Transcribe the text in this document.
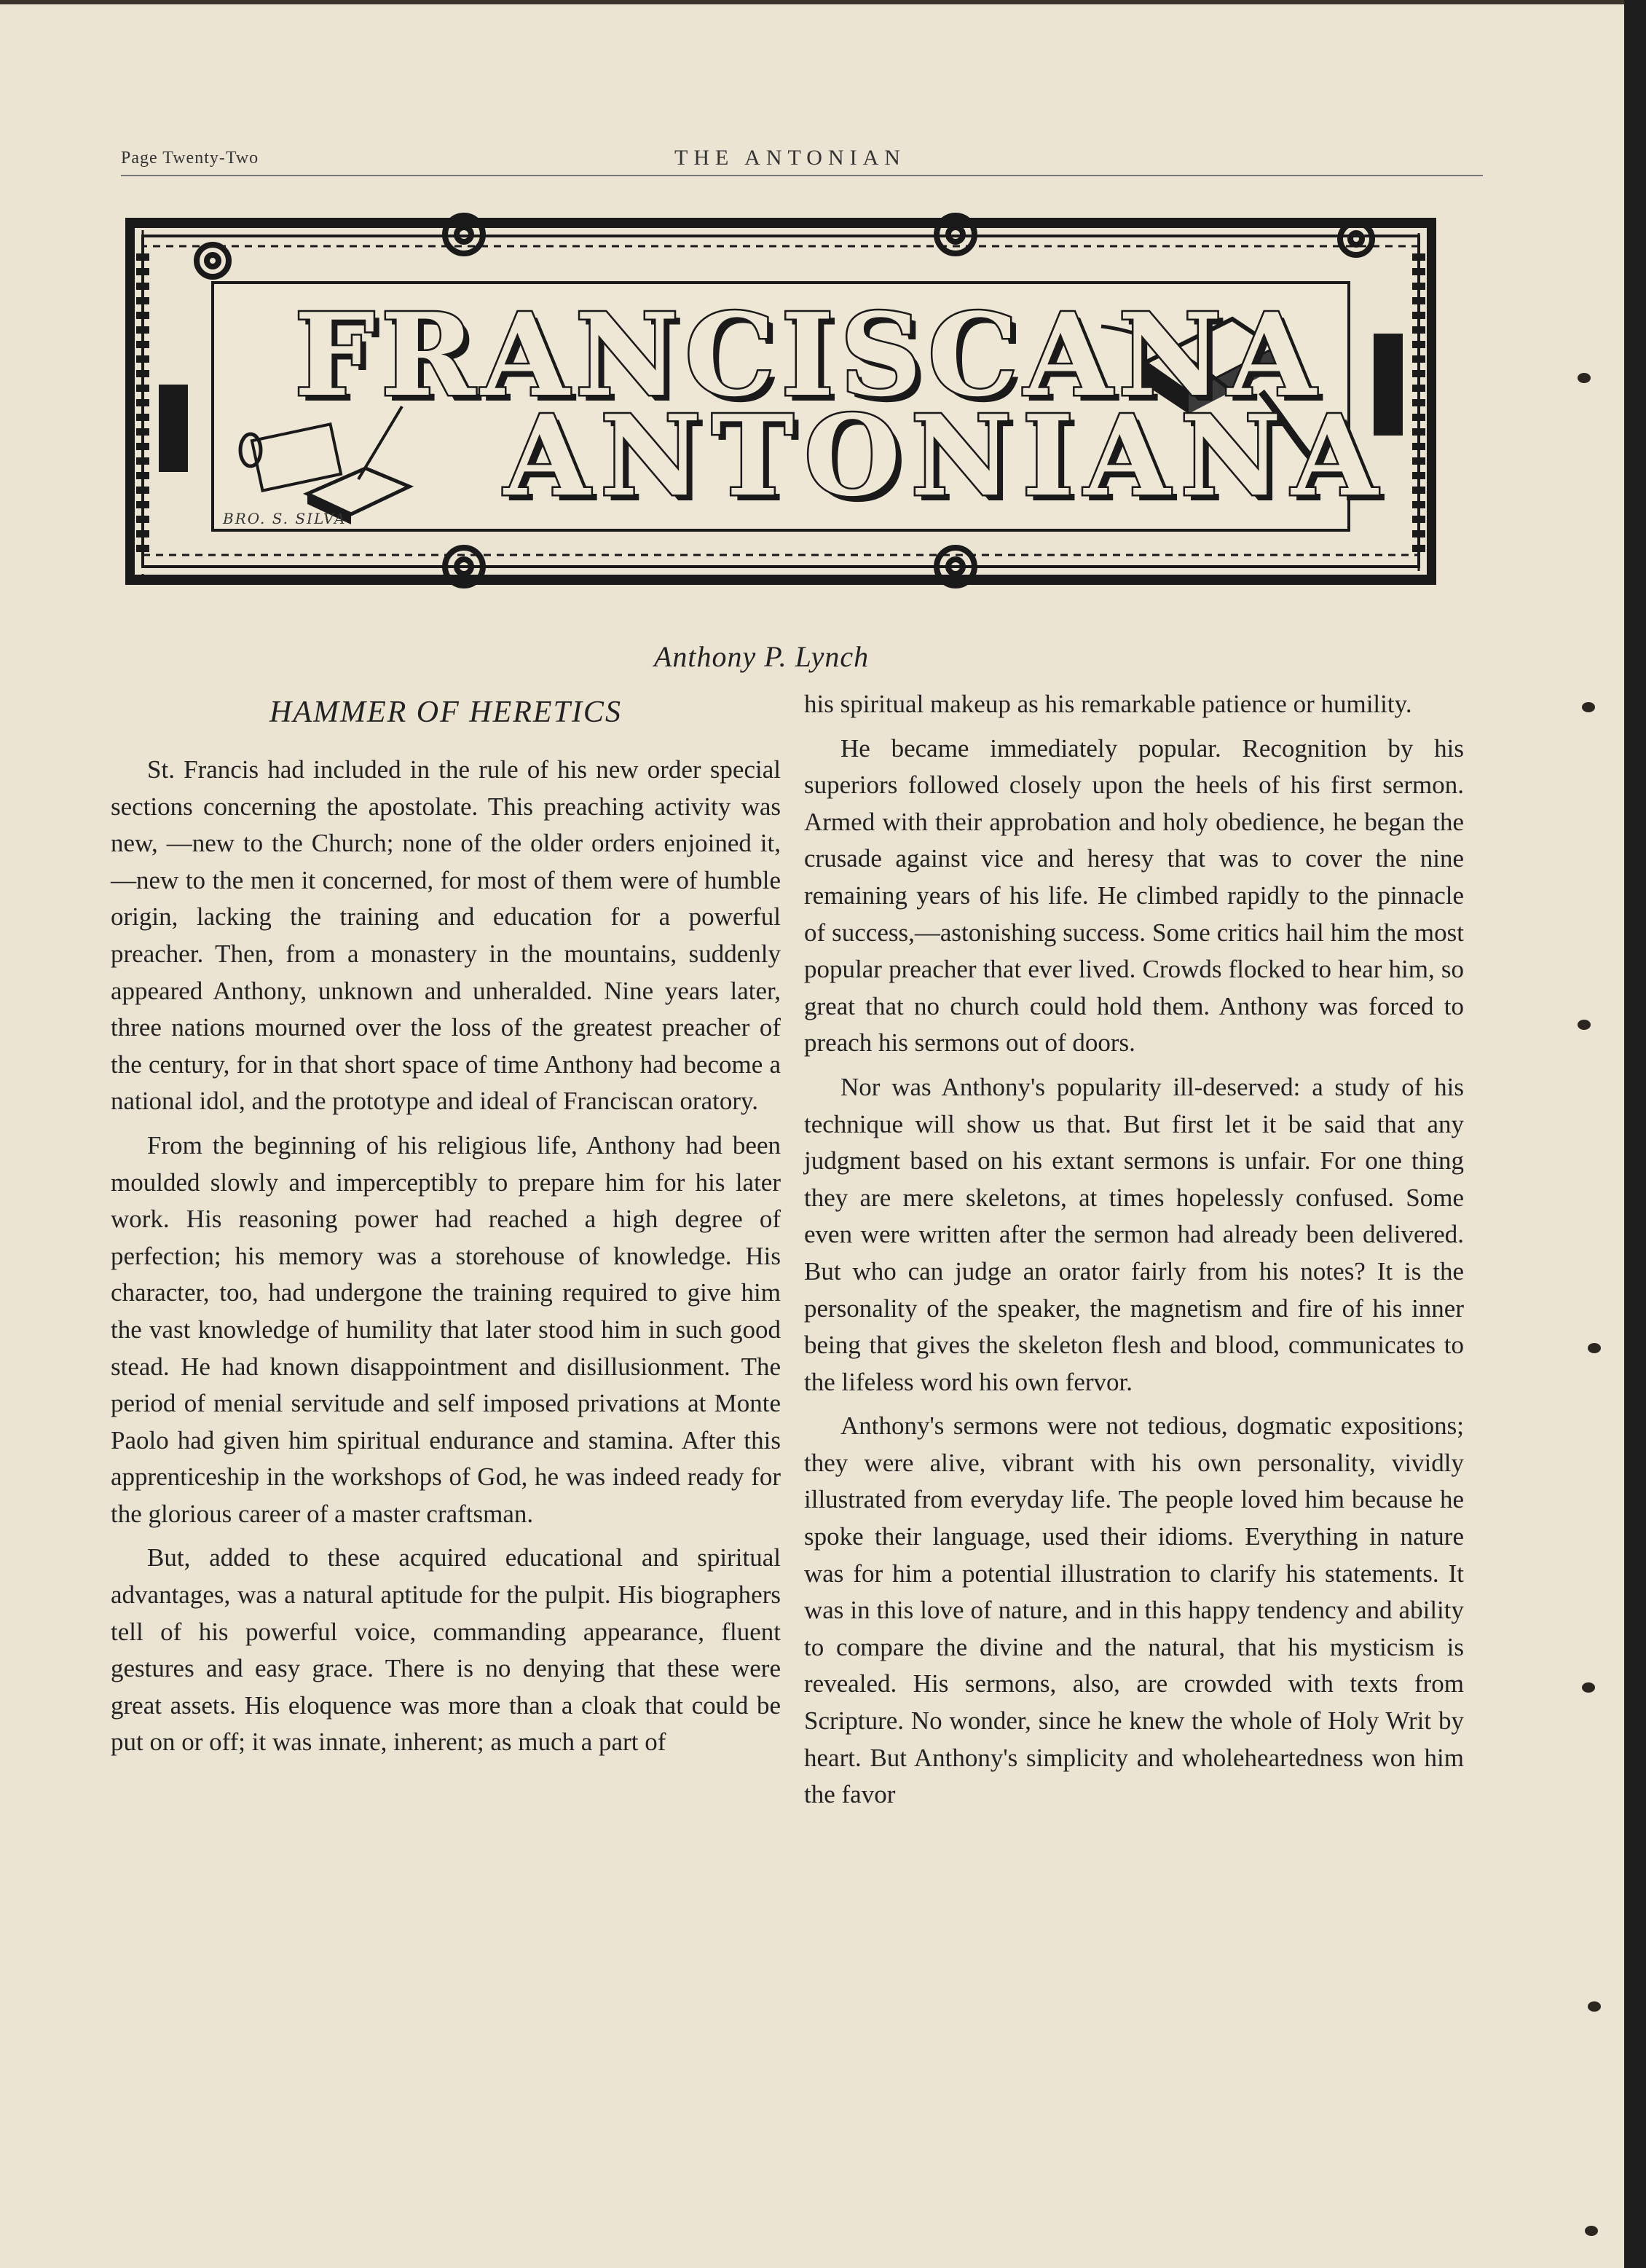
Page Twenty-Two	THE ANTONIAN
FRANCISCANA
ANTONIANA
BRO. S. SILVA
Anthony P. Lynch
HAMMER OF HERETICS

St. Francis had included in the rule of his new order special sections concerning the apostolate. This preaching activity was new, —new to the Church; none of the older orders enjoined it,—new to the men it concerned, for most of them were of humble origin, lacking the training and education for a powerful preacher. Then, from a monastery in the mountains, suddenly appeared Anthony, unknown and unheralded. Nine years later, three nations mourned over the loss of the greatest preacher of the century, for in that short space of time Anthony had become a national idol, and the prototype and ideal of Franciscan oratory.

From the beginning of his religious life, Anthony had been moulded slowly and imperceptibly to prepare him for his later work. His reasoning power had reached a high degree of perfection; his memory was a storehouse of knowledge. His character, too, had undergone the training required to give him the vast knowledge of humility that later stood him in such good stead. He had known disappointment and disillusionment. The period of menial servitude and self imposed privations at Monte Paolo had given him spiritual endurance and stamina. After this apprenticeship in the workshops of God, he was indeed ready for the glorious career of a master craftsman.

But, added to these acquired educational and spiritual advantages, was a natural aptitude for the pulpit. His biographers tell of his powerful voice, commanding appearance, fluent gestures and easy grace. There is no denying that these were great assets. His eloquence was more than a cloak that could be put on or off; it was innate, inherent; as much a part of

his spiritual makeup as his remarkable patience or humility.

He became immediately popular. Recognition by his superiors followed closely upon the heels of his first sermon. Armed with their approbation and holy obedience, he began the crusade against vice and heresy that was to cover the nine remaining years of his life. He climbed rapidly to the pinnacle of success,—astonishing success. Some critics hail him the most popular preacher that ever lived. Crowds flocked to hear him, so great that no church could hold them. Anthony was forced to preach his sermons out of doors.

Nor was Anthony's popularity ill-deserved: a study of his technique will show us that. But first let it be said that any judgment based on his extant sermons is unfair. For one thing they are mere skeletons, at times hopelessly confused. Some even were written after the sermon had already been delivered. But who can judge an orator fairly from his notes? It is the personality of the speaker, the magnetism and fire of his inner being that gives the skeleton flesh and blood, communicates to the lifeless word his own fervor.

Anthony's sermons were not tedious, dogmatic expositions; they were alive, vibrant with his own personality, vividly illustrated from everyday life. The people loved him because he spoke their language, used their idioms. Everything in nature was for him a potential illustration to clarify his statements. It was in this love of nature, and in this happy tendency and ability to compare the divine and the natural, that his mysticism is revealed. His sermons, also, are crowded with texts from Scripture. No wonder, since he knew the whole of Holy Writ by heart. But Anthony's simplicity and wholeheartedness won him the favor
